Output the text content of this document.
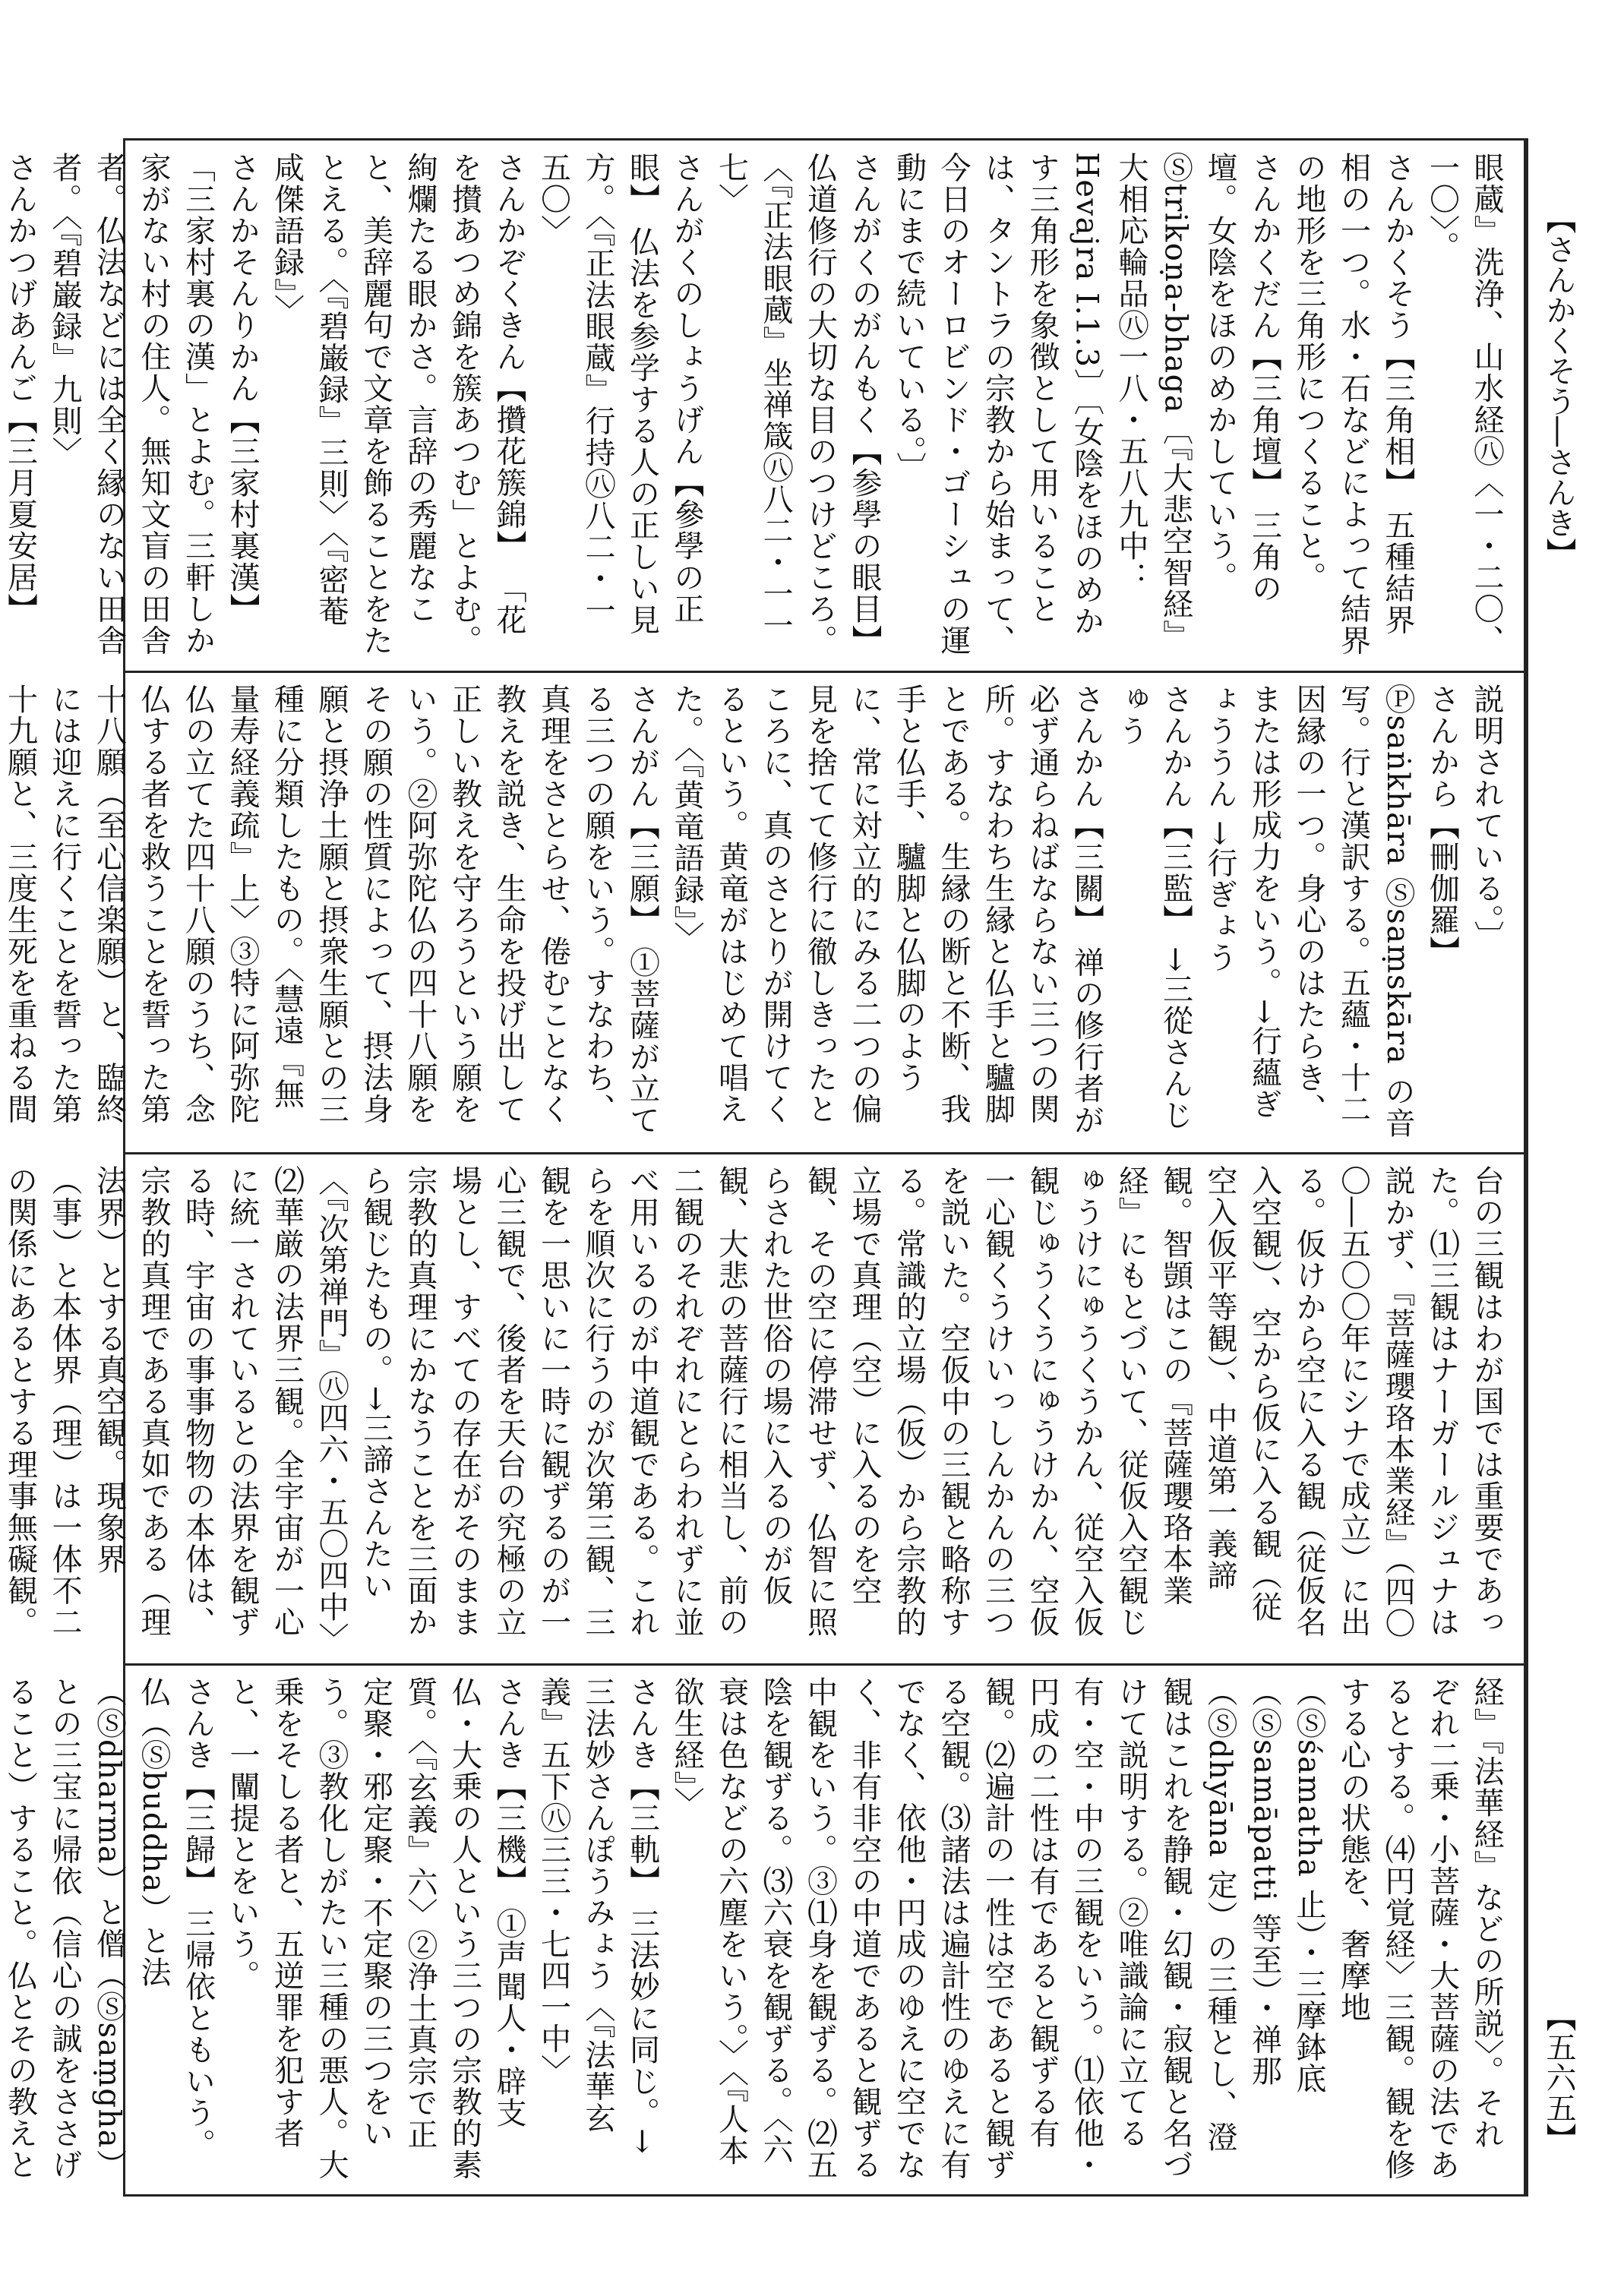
【さんかくそう―さんき】
【五六五】

眼蔵』洗浄、山水経㊇〈一・二〇、一〇〉。

さんかくそう【三角相】 五種結界相の一つ。水・石などによって結界の地形を三角形につくること。

さんかくだん【三角壇】 三角の壇。女陰をほのめかしていう。Ⓢtrikoṇa-bhaga〔『大悲空智経』大相応輪品㊇一八・五八九中：Hevajra I.1.3〕〔女陰をほのめかす三角形を象徴として用いることは、タントラの宗教から始まって、今日のオーロビンド・ゴーシュの運動にまで続いている。〕

さんがくのがんもく【参學の眼目】 仏道修行の大切な目のつけどころ。〈『正法眼蔵』坐禅箴㊇八二・一一七〉

さんがくのしょうげん【參學の正眼】 仏法を参学する人の正しい見方。〈『正法眼蔵』行持㊇八二・一五〇〉

さんかぞくきん【攢花簇錦】 「花を攅あつめ錦を簇あつむ」とよむ。絢爛たる眼かさ。言辞の秀麗なこと、美辞麗句で文章を飾ることをたとえる。〈『碧巌録』三則〉〈『密菴咸傑語録』〉

さんかそんりかん【三家村裏漢】 「三家村裏の漢」とよむ。三軒しか家がない村の住人。無知文盲の田舎者。仏法などには全く縁のない田舎者。〈『碧巌録』九則〉

さんかつげあんご【三月夏安居】

説明されている。〕

さんから【刪伽羅】Ⓟsaṅkhāra Ⓢsaṃskāra の音写。行と漢訳する。五蘊・十二因縁の一つ。身心のはたらき、または形成力をいう。→行蘊ぎょううん →行ぎょう

さんかん【三監】 →三從さんじゅう

さんかん【三關】 禅の修行者が必ず通らねばならない三つの関所。すなわち生縁と仏手と驢脚とである。生縁の断と不断、我手と仏手、驢脚と仏脚のように、常に対立的にみる二つの偏見を捨てて修行に徹しきったところに、真のさとりが開けてくるという。黄竜がはじめて唱えた。〈『黄竜語録』〉

さんがん【三願】 ①菩薩が立てる三つの願をいう。すなわち、真理をさとらせ、倦むことなく教えを説き、生命を投げ出して正しい教えを守ろうという願をいう。②阿弥陀仏の四十八願をその願の性質によって、摂法身願と摂浄土願と摂衆生願との三種に分類したもの。〈慧遠『無量寿経義疏』上〉③特に阿弥陀仏の立てた四十八願のうち、念仏する者を救うことを誓った第十八願（至心信楽願）と、臨終には迎えに行くことを誓った第十九願と、三度生死を重ねる間

台の三観はわが国では重要であった。⑴三観はナーガールジュナは説かず、『菩薩瓔珞本業経』（四〇〇―五〇〇年にシナで成立）に出る。仮けから空に入る観（従仮名入空観）、空から仮に入る観（従空入仮平等観）、中道第一義諦観。智顗はこの『菩薩瓔珞本業経』にもとづいて、従仮入空観じゅうけにゅうくうかん、従空入仮観じゅうくうにゅうけかん、空仮一心観くうけいっしんかんの三つを説いた。空仮中の三観と略称する。常識的立場（仮）から宗教的立場で真理（空）に入るのを空観、その空に停滞せず、仏智に照らされた世俗の場に入るのが仮観、大悲の菩薩行に相当し、前の二観のそれぞれにとらわれずに並べ用いるのが中道観である。これらを順次に行うのが次第三観、三観を一思いに一時に観ずるのが一心三観で、後者を天台の究極の立場とし、すべての存在がそのまま宗教的真理にかなうことを三面から観じたもの。→三諦さんたい〈『次第禅門』㊇四六・五〇四中〉⑵華厳の法界三観。全宇宙が一心に統一されているとの法界を観ずる時、宇宙の事事物物の本体は、宗教的真理である真如である（理法界）とする真空観。現象界（事）と本体界（理）は一体不二の関係にあるとする理事無礙観。

経』『法華経』などの所説〉。それぞれ二乗・小菩薩・大菩薩の法であるとする。⑷円覚経〉三観。観を修する心の状態を、奢摩地（Ⓢśamatha 止）・三摩鉢底（Ⓢsamāpatti 等至）・禅那（Ⓢdhyāna 定）の三種とし、澄観はこれを静観・幻観・寂観と名づけて説明する。②唯識論に立てる有・空・中の三観をいう。⑴依他・円成の二性は有であると観ずる有観。⑵遍計の一性は空であると観ずる空観。⑶諸法は遍計性のゆえに有でなく、依他・円成のゆえに空でなく、非有非空の中道であると観ずる中観をいう。③⑴身を観ずる。⑵五陰を観ずる。⑶六衰を観ずる。〈六衰は色などの六塵をいう。〉〈『人本欲生経』〉

さんき【三軌】 三法妙に同じ。→三法妙さんぽうみょう〈『法華玄義』五下㊇三三・七四一中〉

さんき【三機】 ①声聞人・辟支仏・大乗の人という三つの宗教的素質。〈『玄義』六〉②浄土真宗で正定聚・邪定聚・不定聚の三つをいう。③教化しがたい三種の悪人。大乗をそしる者と、五逆罪を犯す者と、一闡提とをいう。

さんき【三歸】 三帰依ともいう。仏（Ⓢbuddha）と法（Ⓢdharma）と僧（Ⓢsaṃgha）との三宝に帰依（信心の誠をささげること）すること。仏とその教えと
